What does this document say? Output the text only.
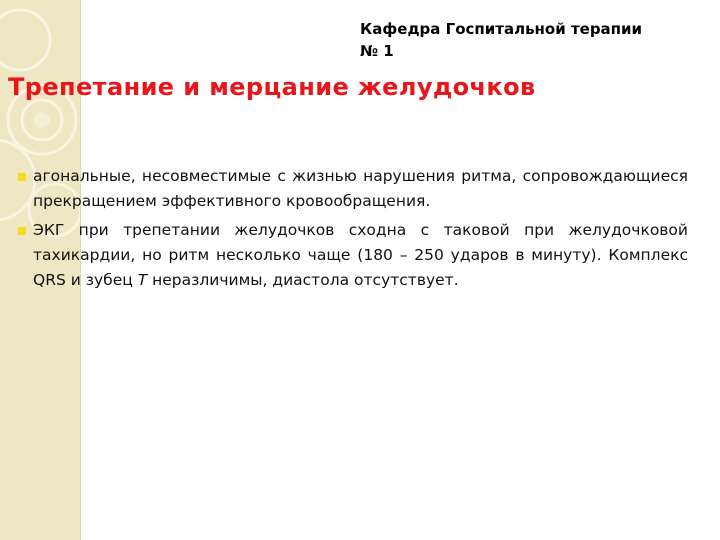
Кафедра Госпитальной терапии
№ 1
Трепетание и мерцание желудочков
агональные, несовместимые с жизнью нарушения ритма, сопровождающиеся прекращением эффективного кровообращения.
ЭКГ при трепетании желудочков сходна с таковой при желудочковой тахикардии, но ритм несколько чаще (180 – 250 ударов в минуту). Комплекс QRS и зубец T неразличимы, диастола отсутствует.
